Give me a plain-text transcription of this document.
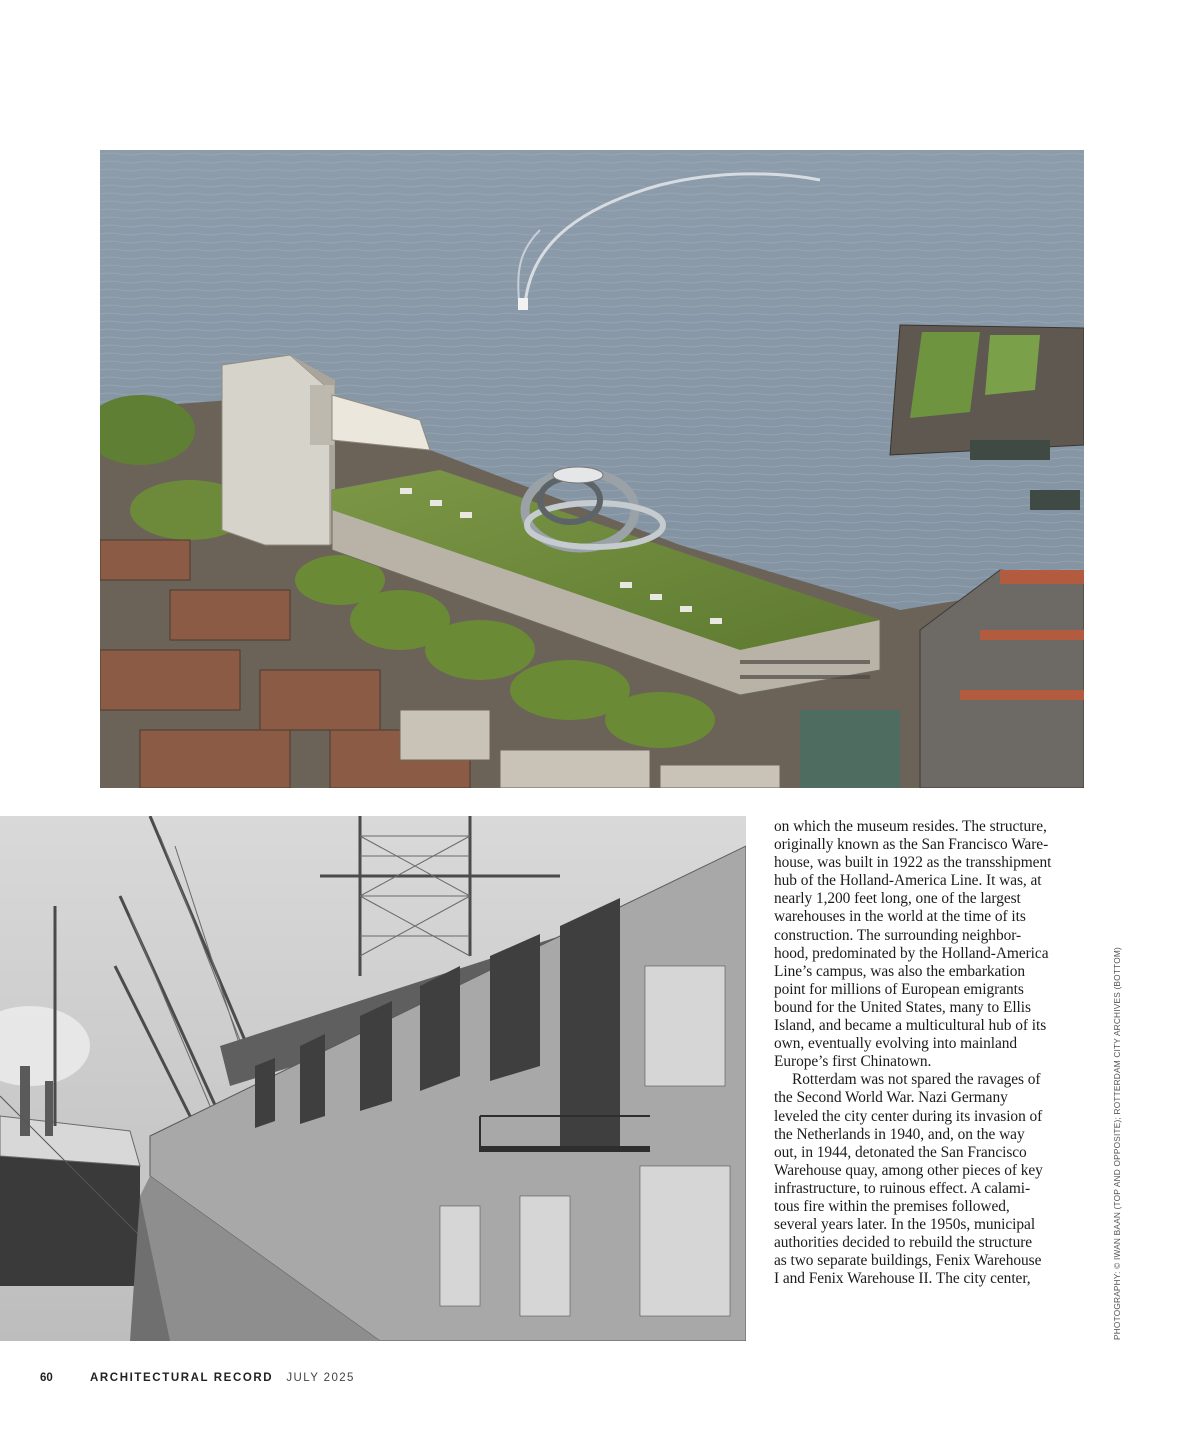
on which the museum resides. The structure,
originally known as the San Francisco Ware-
house, was built in 1922 as the transshipment
hub of the Holland-America Line. It was, at
nearly 1,200 feet long, one of the largest
warehouses in the world at the time of its
construction. The surrounding neighbor-
hood, predominated by the Holland-America
Line’s campus, was also the embarkation
point for millions of European emigrants
bound for the United States, many to Ellis
Island, and became a multicultural hub of its
own, eventually evolving into mainland
Europe’s first Chinatown.

Rotterdam was not spared the ravages of
the Second World War. Nazi Germany
leveled the city center during its invasion of
the Netherlands in 1940, and, on the way
out, in 1944, detonated the San Francisco
Warehouse quay, among other pieces of key
infrastructure, to ruinous effect. A calami-
tous fire within the premises followed,
several years later. In the 1950s, municipal
authorities decided to rebuild the structure
as two separate buildings, Fenix Warehouse
I and Fenix Warehouse II. The city center,	PHOTOGRAPHY: © IWAN BAAN (TOP AND OPPOSITE); ROTTERDAM CITY ARCHIVES (BOTTOM)
60	ARCHITECTURAL RECORD JULY 2025
